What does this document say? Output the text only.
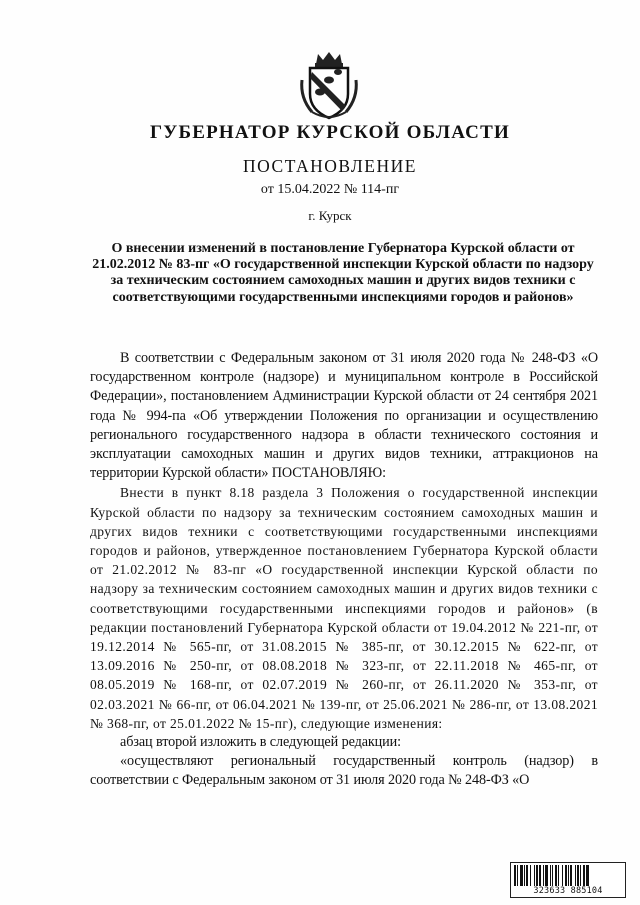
ГУБЕРНАТОР КУРСКОЙ ОБЛАСТИ
ПОСТАНОВЛЕНИЕ
от 15.04.2022 № 114-пг
г. Курск
О внесении изменений в постановление Губернатора Курской области от 21.02.2012 № 83-пг «О государственной инспекции Курской области по надзору за техническим состоянием самоходных машин и других видов техники с соответствующими государственными инспекциями городов и районов»

В соответствии с Федеральным законом от 31 июля 2020 года № 248-ФЗ «О государственном контроле (надзоре) и муниципальном контроле в Российской Федерации», постановлением Администрации Курской области от 24 сентября 2021 года № 994-па «Об утверждении Положения по организации и осуществлению регионального государственного надзора в области технического состояния и эксплуатации самоходных машин и других видов техники, аттракционов на территории Курской области» ПОСТАНОВЛЯЮ:

Внести в пункт 8.18 раздела 3 Положения о государственной инспекции Курской области по надзору за техническим состоянием самоходных машин и других видов техники с соответствующими государственными инспекциями городов и районов, утвержденное постановлением Губернатора Курской области от 21.02.2012 № 83-пг «О государственной инспекции Курской области по надзору за техническим состоянием самоходных машин и других видов техники с соответствующими государственными инспекциями городов и районов» (в редакции постановлений Губернатора Курской области от 19.04.2012 № 221-пг, от 19.12.2014 № 565-пг, от 31.08.2015 № 385-пг, от 30.12.2015 № 622-пг, от 13.09.2016 № 250-пг, от 08.08.2018 № 323-пг, от 22.11.2018 № 465-пг, от 08.05.2019 № 168-пг, от 02.07.2019 № 260-пг, от 26.11.2020 № 353-пг, от 02.03.2021 № 66-пг, от 06.04.2021 № 139-пг, от 25.06.2021 № 286-пг, от 13.08.2021 № 368-пг, от 25.01.2022 № 15-пг), следующие изменения:

абзац второй изложить в следующей редакции:

«осуществляют региональный государственный контроль (надзор) в соответствии с Федеральным законом от 31 июля 2020 года № 248-ФЗ «О

323633 885104
